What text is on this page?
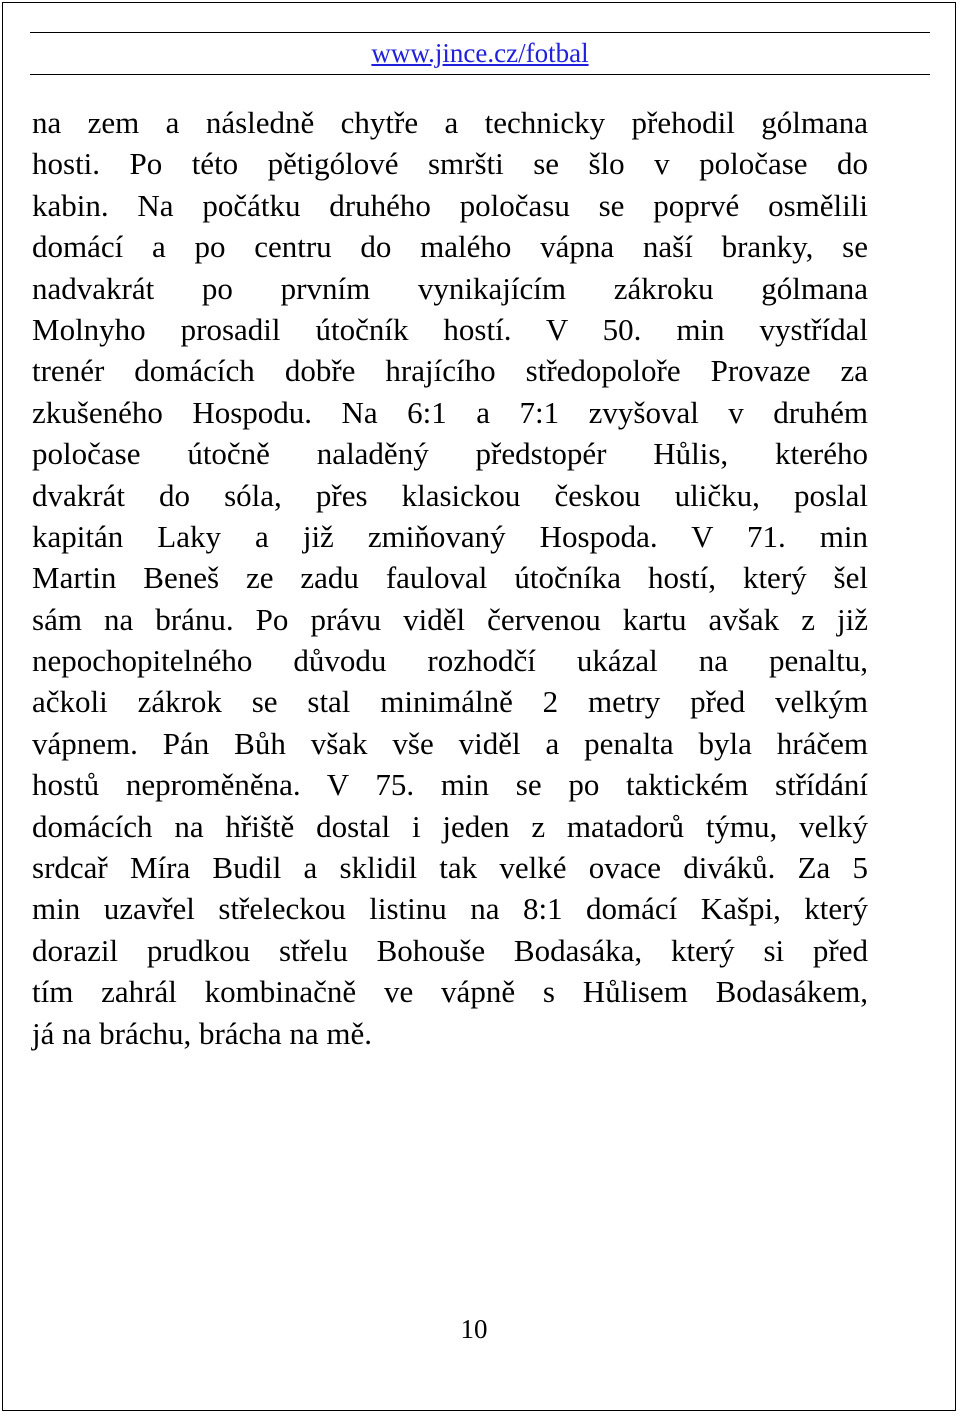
www.jince.cz/fotbal
na zem a následně chytře a technicky přehodil gólmana
hosti. Po této pětigólové smršti se šlo v poločase do
kabin. Na počátku druhého poločasu se poprvé osmělili
domácí a po centru do malého vápna naší branky, se
nadvakrát po prvním vynikajícím zákroku gólmana
Molnyho prosadil útočník hostí. V 50. min vystřídal
trenér domácích dobře hrajícího středopoloře Provaze za
zkušeného Hospodu. Na 6:1 a 7:1 zvyšoval v druhém
poločase útočně naladěný předstopér Hůlis, kterého
dvakrát do sóla, přes klasickou českou uličku, poslal
kapitán Laky a již zmiňovaný Hospoda. V 71. min
Martin Beneš ze zadu fauloval útočníka hostí, který šel
sám na bránu. Po právu viděl červenou kartu avšak z již
nepochopitelného důvodu rozhodčí ukázal na penaltu,
ačkoli zákrok se stal minimálně 2 metry před velkým
vápnem. Pán Bůh však vše viděl a penalta byla hráčem
hostů neproměněna. V 75. min se po taktickém střídání
domácích na hřiště dostal i jeden z matadorů týmu, velký
srdcař Míra Budil a sklidil tak velké ovace diváků. Za 5
min uzavřel střeleckou listinu na 8:1 domácí Kašpi, který
dorazil prudkou střelu Bohouše Bodasáka, který si před
tím zahrál kombinačně ve vápně s Hůlisem Bodasákem,
já na bráchu, brácha na mě.
10
